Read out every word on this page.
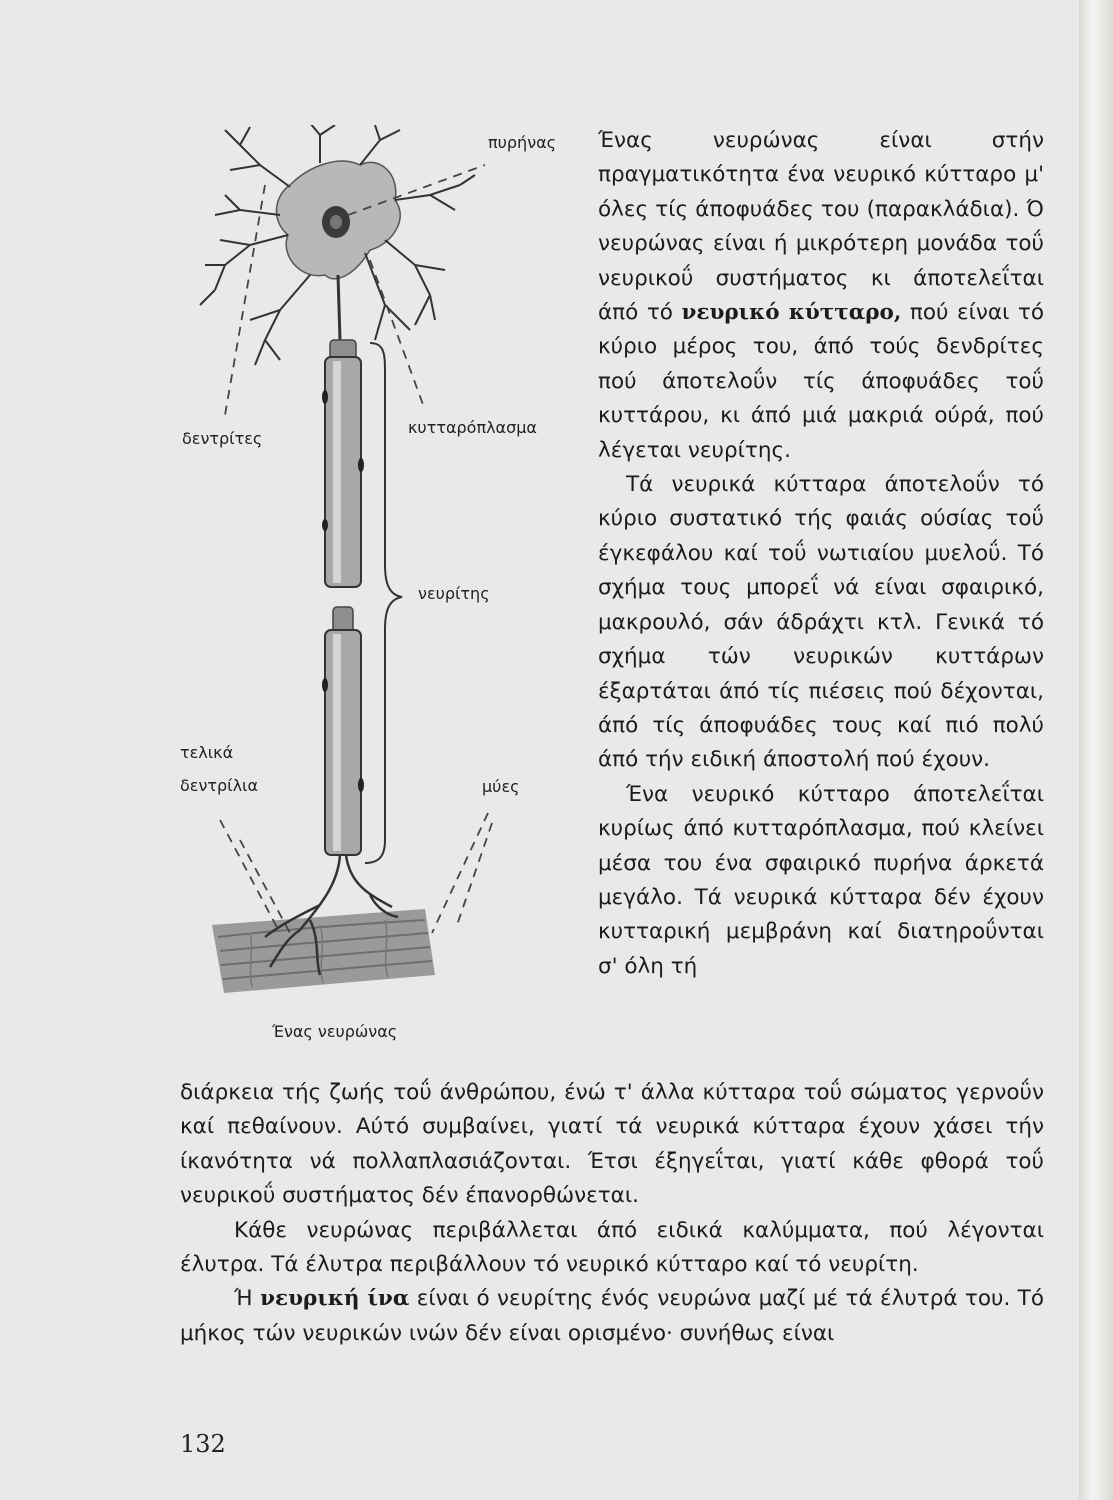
πυρήνας
δεντρίτες
κυτταρόπλασμα
νευρίτης
τελικά
δεντρίλια	μύες
Ένας νευρώνας

Ένας νευρώνας είναι στήν πραγματικότητα ένα νευρικό κύτταρο μ' όλες τίς άποφυάδες του (παρακλάδια). Ό νευρώνας είναι ή μικρότερη μονάδα τοΰ νευρικοΰ συστήματος κι άποτελεΐται άπό τό νευρικό κύτταρο, πού είναι τό κύριο μέρος του, άπό τούς δενδρίτες πού άποτελοΰν τίς άποφυάδες τοΰ κυττάρου, κι άπό μιά μακριά ούρά, πού λέγεται νευρίτης.

Τά νευρικά κύτταρα άποτελοΰν τό κύριο συστατικό τής φαιάς ούσίας τοΰ έγκεφάλου καί τοΰ νωτιαίου μυελοΰ. Τό σχήμα τους μπορεΐ νά είναι σφαιρικό, μακρουλό, σάν άδράχτι κτλ. Γενικά τό σχήμα τών νευρικών κυττάρων έξαρτάται άπό τίς πιέσεις πού δέχονται, άπό τίς άποφυάδες τους καί πιό πολύ άπό τήν ειδική άποστολή πού έχουν.

Ένα νευρικό κύτταρο άποτελεΐται κυρίως άπό κυτταρόπλασμα, πού κλείνει μέσα του ένα σφαιρικό πυρήνα άρκετά μεγάλο. Τά νευρικά κύτταρα δέν έχουν κυτταρική μεμβράνη καί διατηροΰνται σ' όλη τή

διάρκεια τής ζωής τοΰ άνθρώπου, ένώ τ' άλλα κύτταρα τοΰ σώματος γερνοΰν καί πεθαίνουν. Αύτό συμβαίνει, γιατί τά νευρικά κύτταρα έχουν χάσει τήν ίκανότητα νά πολλαπλασιάζονται. Έτσι έξηγεΐται, γιατί κάθε φθορά τοΰ νευρικοΰ συστήματος δέν έπανορθώνεται.

Κάθε νευρώνας περιβάλλεται άπό ειδικά καλύμματα, πού λέγονται έλυτρα. Τά έλυτρα περιβάλλουν τό νευρικό κύτταρο καί τό νευρίτη.

Ή νευρική ίνα είναι ό νευρίτης ένός νευρώνα μαζί μέ τά έλυτρά του. Τό μήκος τών νευρικών ινών δέν είναι ορισμένο· συνήθως είναι

132
